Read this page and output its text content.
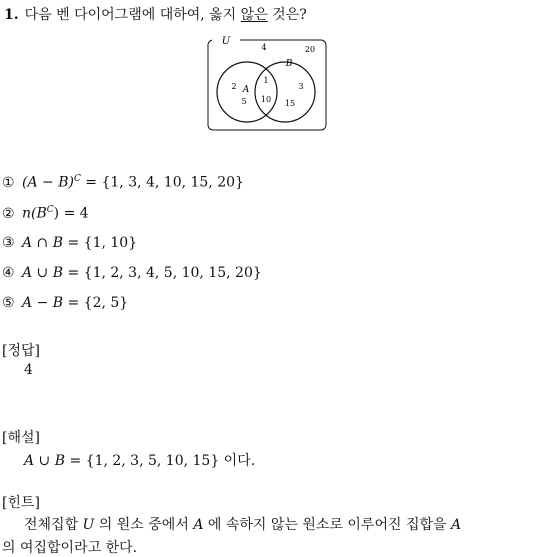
1. 다음 벤 다이어그램에 대하여, 옳지 않은 것은?
U
A
B
4	20
2
5
1
10
3
15
① $(A - B)^C = \{1$, 3, 4, 10, 15, 20}
② $n(B^C) = 4$
③ A ∩ B = {1, 10}
④ A ∪ B = {1, 2, 3, 4, 5, 10, 15, 20}
⑤ A − B = {2, 5}
[정답]
4
[해설]
A ∪ B = {1, 2, 3, 5, 10, 15} 이다.
[힌트]
전체집합 U 의 원소 중에서 A 에 속하지 않는 원소로 이루어진 집합을 A
의 여집합이라고 한다.
